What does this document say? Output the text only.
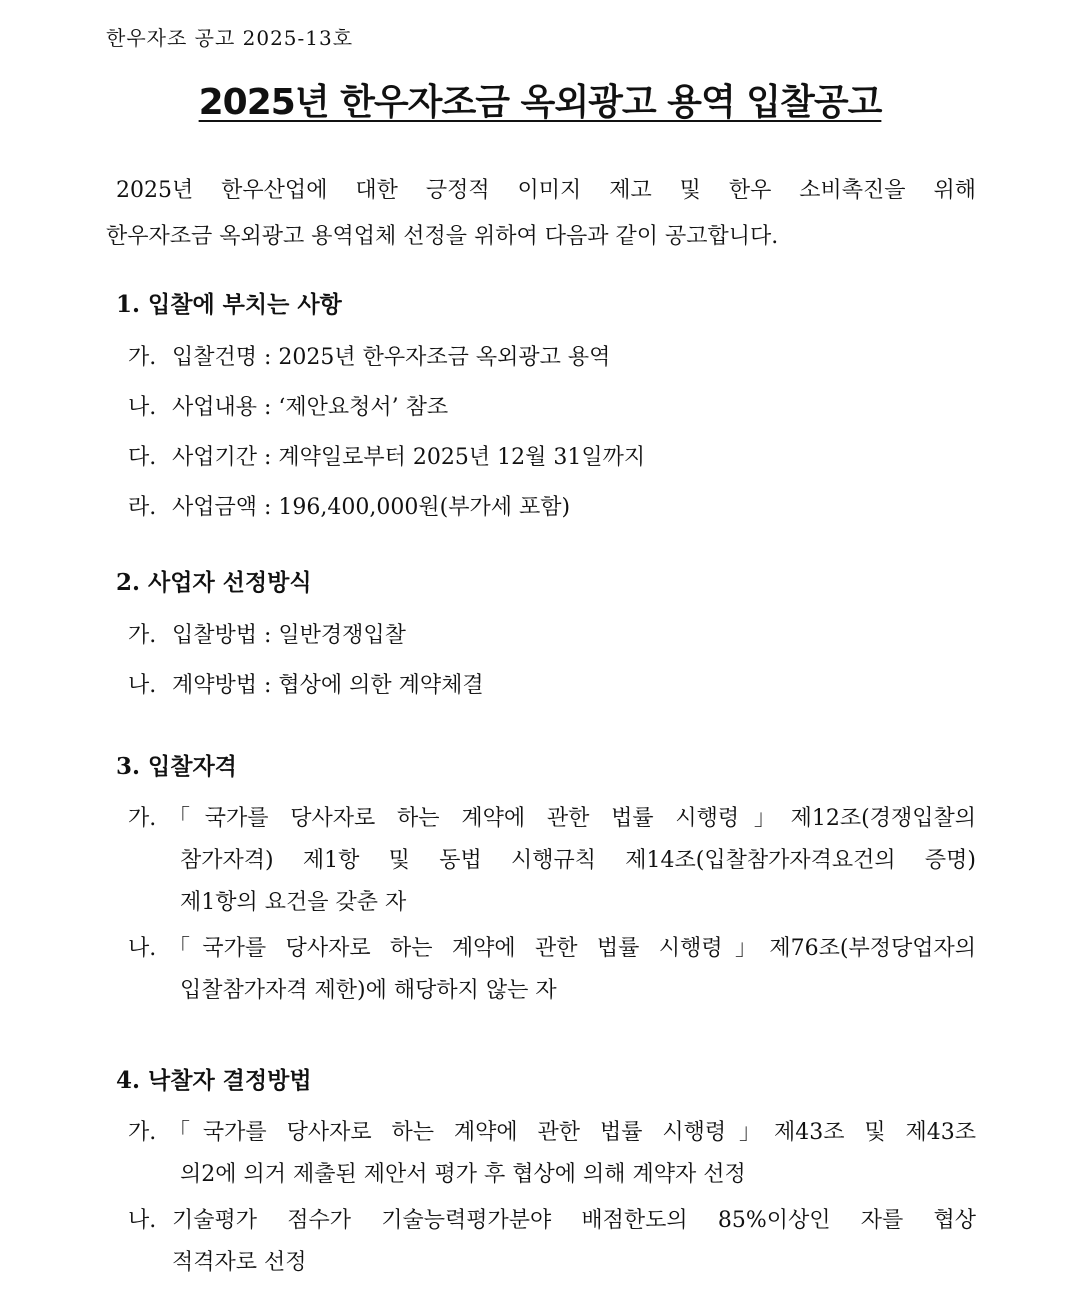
한우자조 공고 2025-13호
2025년 한우자조금 옥외광고 용역 입찰공고
2025년 한우산업에 대한 긍정적 이미지 제고 및 한우 소비촉진을 위해
한우자조금 옥외광고 용역업체 선정을 위하여 다음과 같이 공고합니다.
1. 입찰에 부치는 사항
가. 입찰건명 : 2025년 한우자조금 옥외광고 용역
나. 사업내용 : ‘제안요청서’ 참조
다. 사업기간 : 계약일로부터 2025년 12월 31일까지
라. 사업금액 : 196,400,000원(부가세 포함)
2. 사업자 선정방식
가. 입찰방법 : 일반경쟁입찰
나. 계약방법 : 협상에 의한 계약체결
3. 입찰자격
가. 「국가를 당사자로 하는 계약에 관한 법률 시행령」제12조(경쟁입찰의
참가자격) 제1항 및 동법 시행규칙 제14조(입찰참가자격요건의 증명)
제1항의 요건을 갖춘 자
나. 「국가를 당사자로 하는 계약에 관한 법률 시행령」제76조(부정당업자의
입찰참가자격 제한)에 해당하지 않는 자
4. 낙찰자 결정방법
가. 「국가를 당사자로 하는 계약에 관한 법률 시행령」제43조 및 제43조
의2에 의거 제출된 제안서 평가 후 협상에 의해 계약자 선정
나. 기술평가 점수가 기술능력평가분야 배점한도의 85%이상인 자를 협상
적격자로 선정
